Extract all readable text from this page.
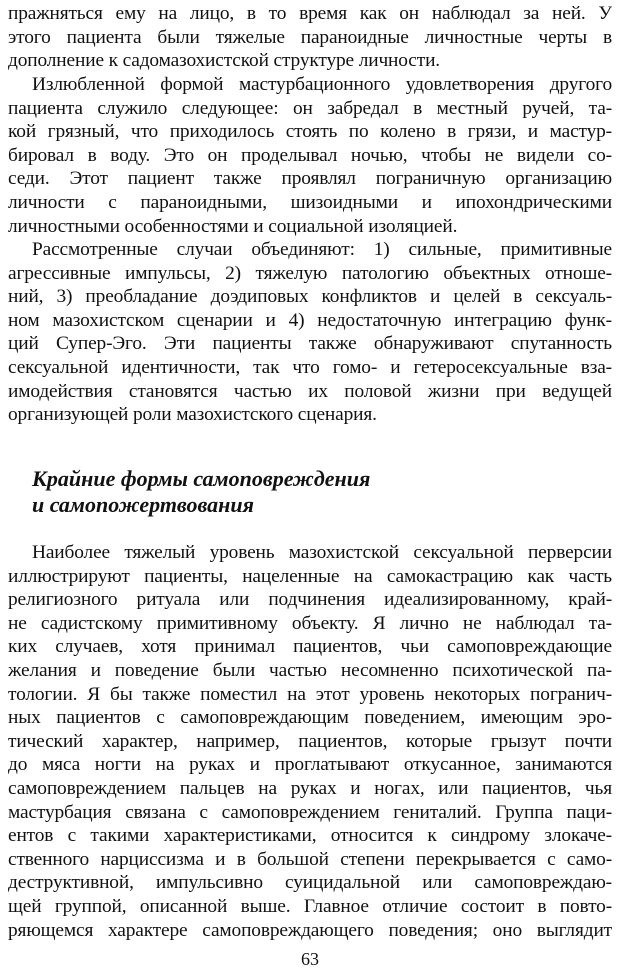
пражняться ему на лицо, в то время как он наблюдал за ней. У
этого пациента были тяжелые параноидные личностные черты в
дополнение к садомазохистской структуре личности.
Излюбленной формой мастурбационного удовлетворения другого
пациента служило следующее: он забредал в местный ручей, та-
кой грязный, что приходилось стоять по колено в грязи, и мастур-
бировал в воду. Это он проделывал ночью, чтобы не видели со-
седи. Этот пациент также проявлял пограничную организацию
личности с параноидными, шизоидными и ипохондрическими
личностными особенностями и социальной изоляцией.
Рассмотренные случаи объединяют: 1) сильные, примитивные
агрессивные импульсы, 2) тяжелую патологию объектных отноше-
ний, 3) преобладание доэдиповых конфликтов и целей в сексуаль-
ном мазохистском сценарии и 4) недостаточную интеграцию функ-
ций Супер-Эго. Эти пациенты также обнаруживают спутанность
сексуальной идентичности, так что гомо- и гетеросексуальные вза-
имодействия становятся частью их половой жизни при ведущей
организующей роли мазохистского сценария.
Крайние формы самоповреждения
и самопожертвования
Наиболее тяжелый уровень мазохистской сексуальной перверсии
иллюстрируют пациенты, нацеленные на самокастрацию как часть
религиозного ритуала или подчинения идеализированному, край-
не садистскому примитивному объекту. Я лично не наблюдал та-
ких случаев, хотя принимал пациентов, чьи самоповреждающие
желания и поведение были частью несомненно психотической па-
тологии. Я бы также поместил на этот уровень некоторых погранич-
ных пациентов с самоповреждающим поведением, имеющим эро-
тический характер, например, пациентов, которые грызут почти
до мяса ногти на руках и проглатывают откусанное, занимаются
самоповреждением пальцев на руках и ногах, или пациентов, чья
мастурбация связана с самоповреждением гениталий. Группа паци-
ентов с такими характеристиками, относится к синдрому злокаче-
ственного нарциссизма и в большой степени перекрывается с само-
деструктивной, импульсивно суицидальной или самоповреждаю-
щей группой, описанной выше. Главное отличие состоит в повто-
ряющемся характере самоповреждающего поведения; оно выглядит
63
